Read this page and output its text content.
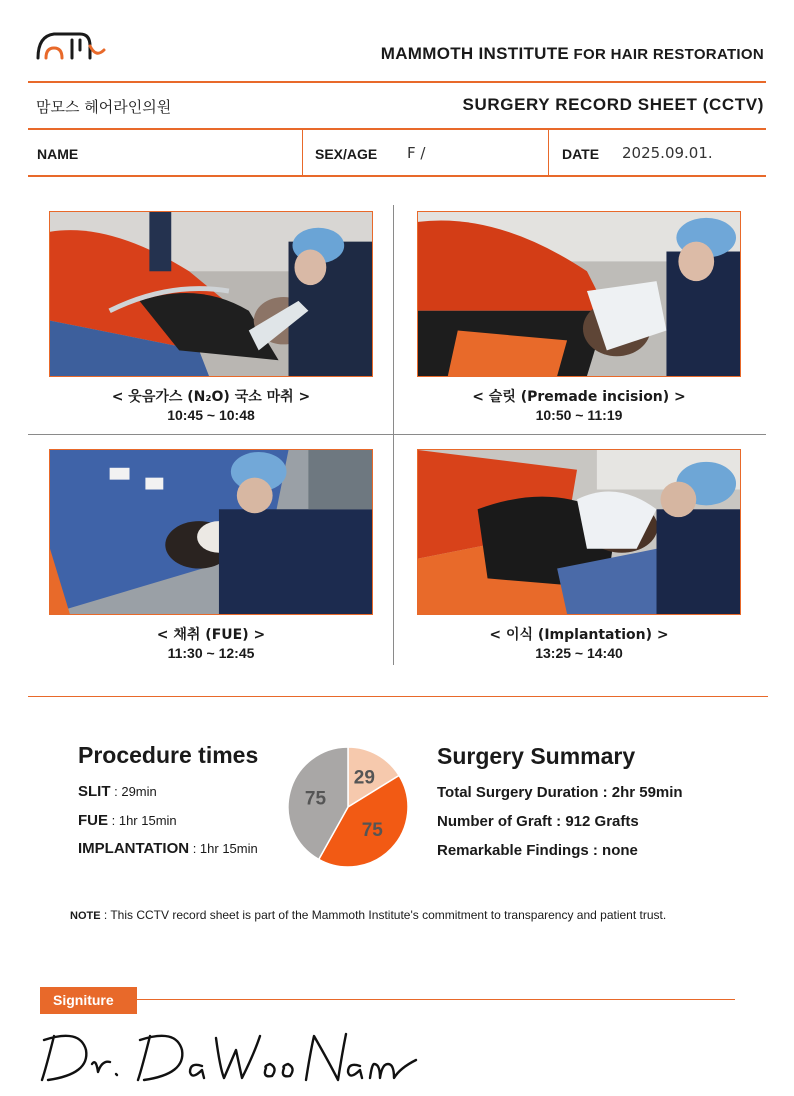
MAMMOTH INSTITUTE FOR HAIR RESTORATION
맘모스 헤어라인의원	SURGERY RECORD SHEET (CCTV)
NAME	SEX/AGE F /	DATE 2025.09.01.
< 웃음가스 (N₂O) 국소 마취 >
10:45 ~ 10:48
< 슬릿 (Premade incision) >
10:50 ~ 11:19
< 채취 (FUE) >
11:30 ~ 12:45
< 이식 (Implantation) >
13:25 ~ 14:40
Procedure times
SLIT : 29min
FUE : 1hr 15min
IMPLANTATION : 1hr 15min
29
75
75
Surgery Summary
Total Surgery Duration : 2hr 59min
Number of Graft : 912 Grafts
Remarkable Findings : none
NOTE : This CCTV record sheet is part of the Mammoth Institute's commitment to transparency and patient trust.
Signiture
